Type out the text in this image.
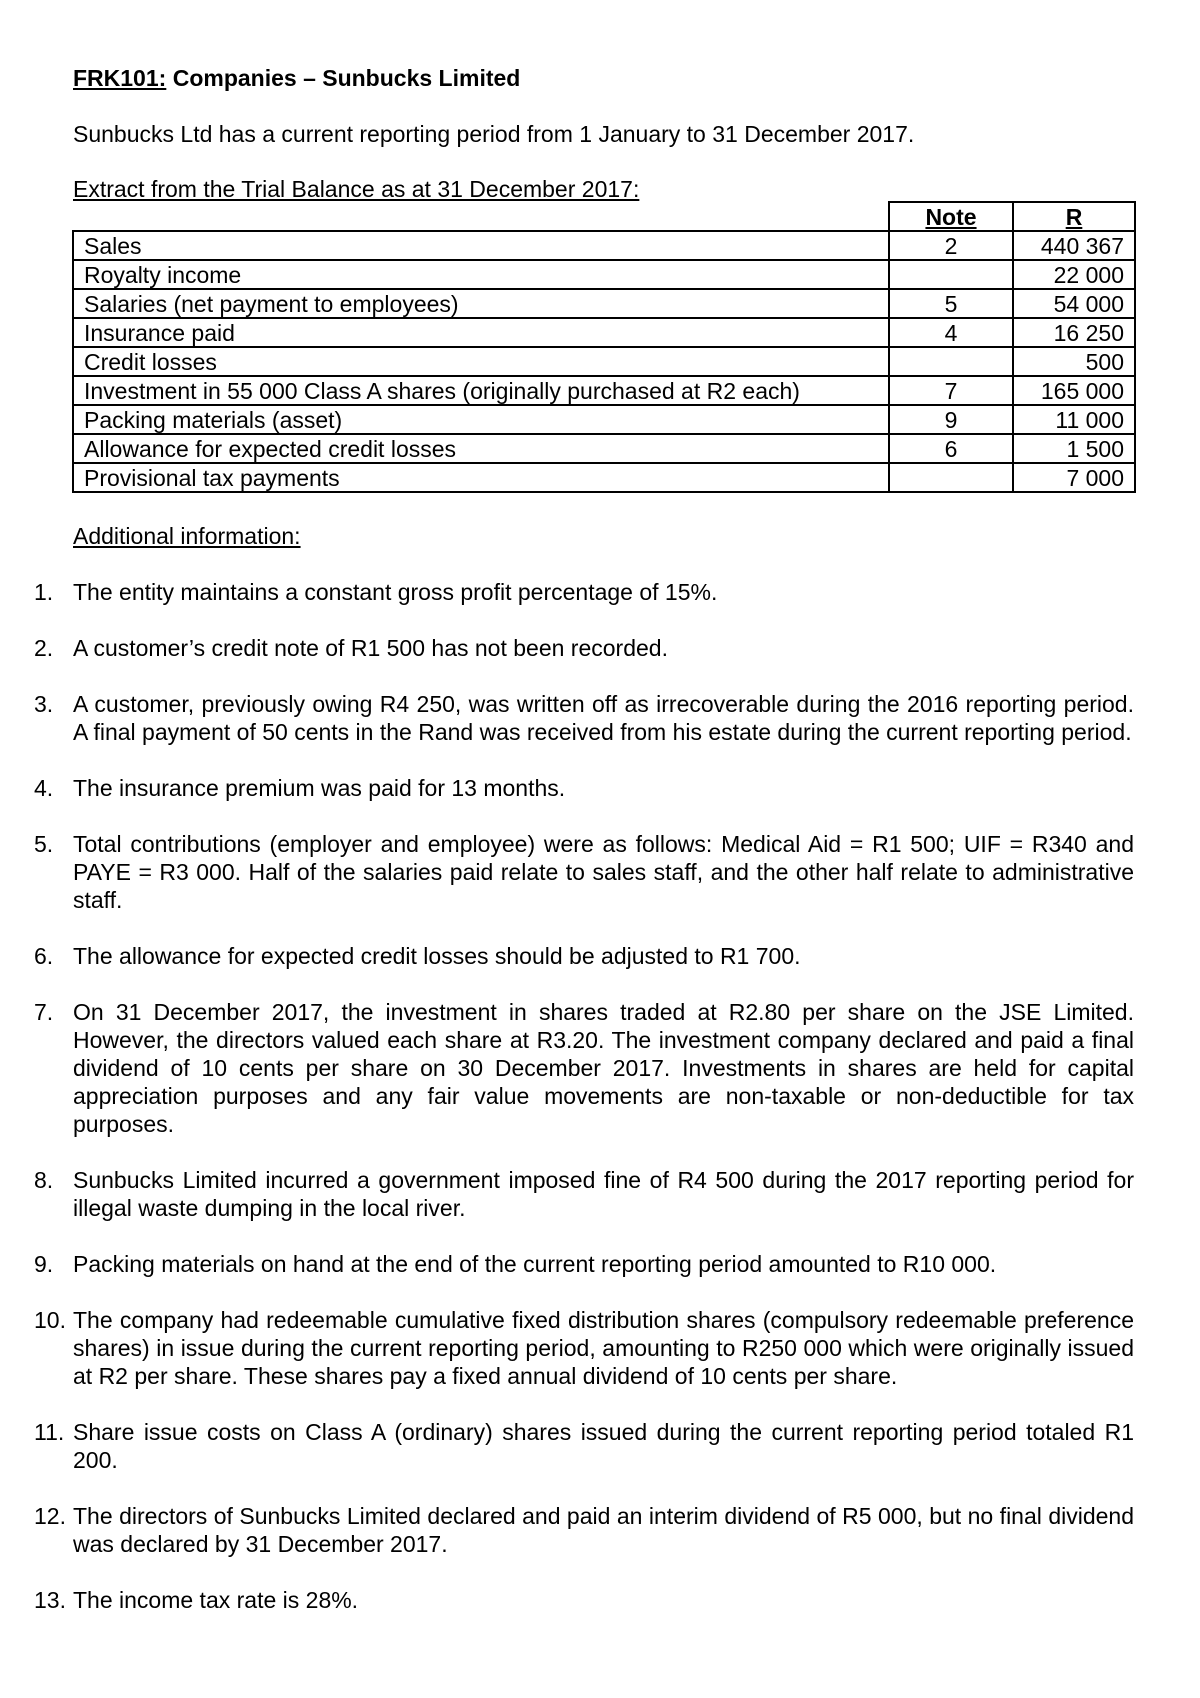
FRK101: Companies – Sunbucks Limited
Sunbucks Ltd has a current reporting period from 1 January to 31 December 2017.
Extract from the Trial Balance as at 31 December 2017:
	Note	R
Sales	2	440 367
Royalty income		22 000
Salaries (net payment to employees)	5	54 000
Insurance paid	4	16 250
Credit losses		500
Investment in 55 000 Class A shares (originally purchased at R2 each)	7	165 000
Packing materials (asset)	9	11 000
Allowance for expected credit losses	6	1 500
Provisional tax payments		7 000
Additional information:
1. The entity maintains a constant gross profit percentage of 15%.
2. A customer’s credit note of R1 500 has not been recorded.
3. A customer, previously owing R4 250, was written off as irrecoverable during the 2016 reporting period. A final payment of 50 cents in the Rand was received from his estate during the current reporting period.
4. The insurance premium was paid for 13 months.
5. Total contributions (employer and employee) were as follows: Medical Aid = R1 500; UIF = R340 and PAYE = R3 000. Half of the salaries paid relate to sales staff, and the other half relate to administrative staff.
6. The allowance for expected credit losses should be adjusted to R1 700.
7. On 31 December 2017, the investment in shares traded at R2.80 per share on the JSE Limited. However, the directors valued each share at R3.20. The investment company declared and paid a final dividend of 10 cents per share on 30 December 2017. Investments in shares are held for capital appreciation purposes and any fair value movements are non-taxable or non-deductible for tax purposes.
8. Sunbucks Limited incurred a government imposed fine of R4 500 during the 2017 reporting period for illegal waste dumping in the local river.
9. Packing materials on hand at the end of the current reporting period amounted to R10 000.
10. The company had redeemable cumulative fixed distribution shares (compulsory redeemable preference shares) in issue during the current reporting period, amounting to R250 000 which were originally issued at R2 per share. These shares pay a fixed annual dividend of 10 cents per share.
11. Share issue costs on Class A (ordinary) shares issued during the current reporting period totaled R1 200.
12. The directors of Sunbucks Limited declared and paid an interim dividend of R5 000, but no final dividend was declared by 31 December 2017.
13. The income tax rate is 28%.
